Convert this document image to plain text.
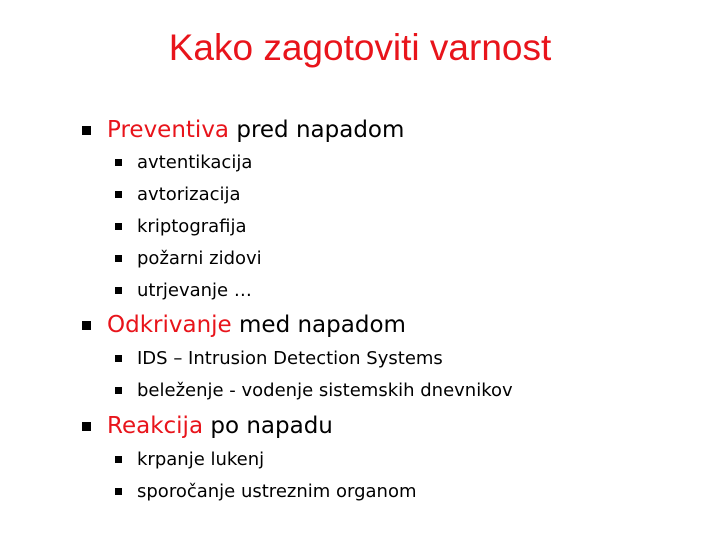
Kako zagotoviti varnost
Preventiva pred napadom
avtentikacija
avtorizacija
kriptografija
požarni zidovi
utrjevanje …
Odkrivanje med napadom
IDS – Intrusion Detection Systems
beleženje - vodenje sistemskih dnevnikov
Reakcija po napadu
krpanje lukenj
sporočanje ustreznim organom
